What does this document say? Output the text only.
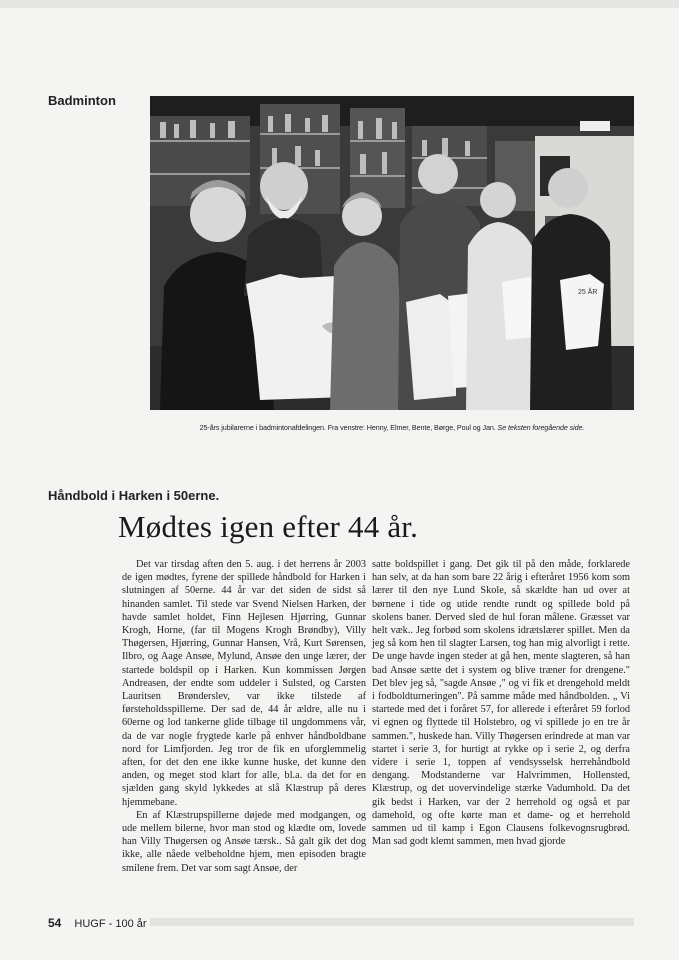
Badminton
25 ÅR
25-års jubilarerne i badmintonafdelingen. Fra venstre: Henny, Elmer, Bente, Børge, Poul og Jan. Se teksten foregående side.
Håndbold i Harken i 50erne.
Mødtes igen efter 44 år.

Det var tirsdag aften den 5. aug. i det herrens år 2003 de igen mødtes, fyrene der spillede håndbold for Harken i slutningen af 50erne. 44 år var det siden de sidst så hinanden samlet. Til stede var Svend Nielsen Harken, der havde samlet holdet, Finn Hejlesen Hjørring, Gunnar Krogh, Horne, (far til Mogens Krogh Brøndby), Villy Thøgersen, Hjørring, Gunnar Hansen, Vrå, Kurt Sørensen, Ilbro, og Aage Ansøe, Mylund, Ansøe den unge lærer, der startede boldspil op i Harken. Kun kommissen Jørgen Andreasen, der endte som uddeler i Sulsted, og Carsten Lauritsen Brønderslev, var ikke tilstede af førsteholdsspillerne. Der sad de, 44 år ældre, alle nu i 60erne og lod tankerne glide tilbage til ungdommens vår, da de var nogle frygtede karle på enhver håndboldbane nord for Limfjorden. Jeg tror de fik en uforglemmelig aften, for det den ene ikke kunne huske, det kunne den anden, og meget stod klart for alle, bl.a. da det for en sjælden gang skyld lykkedes at slå Klæstrup på deres hjemmebane.

En af Klæstrupspillerne døjede med modgangen, og ude mellem bilerne, hvor man stod og klædte om, lovede han Villy Thøgersen og Ansøe tærsk.. Så galt gik det dog ikke, alle nåede velbeholdne hjem, men episoden bragte smilene frem. Det var som sagt Ansøe, der

satte boldspillet i gang. Det gik til på den måde, forklarede han selv, at da han som bare 22 årig i efteråret 1956 kom som lærer til den nye Lund Skole, så skældte han ud over at børnene i tide og utide rendte rundt og spillede bold på skolens baner. Derved sled de hul foran målene. Græsset var helt væk.. Jeg forbød som skolens idrætslærer spillet. Men da jeg så kom hen til slagter Larsen, tog han mig alvorligt i rette. De unge havde ingen steder at gå hen, mente slagteren, så han bad Ansøe sætte det i system og blive træner for drengene." Det blev jeg så, "sagde Ansøe ," og vi fik et drengehold meldt i fodboldturneringen". På samme måde med håndbolden. „ Vi startede med det i foråret 57, for allerede i efteråret 59 forlod vi egnen og flyttede til Holstebro, og vi spillede jo en tre år sammen.", huskede han. Villy Thøgersen erindrede at man var startet i serie 3, for hurtigt at rykke op i serie 2, og derfra videre i serie 1, toppen af vendsysselsk herrehåndbold dengang. Modstanderne var Halvrimmen, Hollensted, Klæstrup, og det uovervindelige stærke Vadumhold. Da det gik bedst i Harken, var der 2 herrehold og også et par damehold, og ofte kørte man et dame- og et herrehold sammen ud til kamp i Egon Clausens folkevognsrugbrød. Man sad godt klemt sammen, men hvad gjorde

54 HUGF - 100 år
